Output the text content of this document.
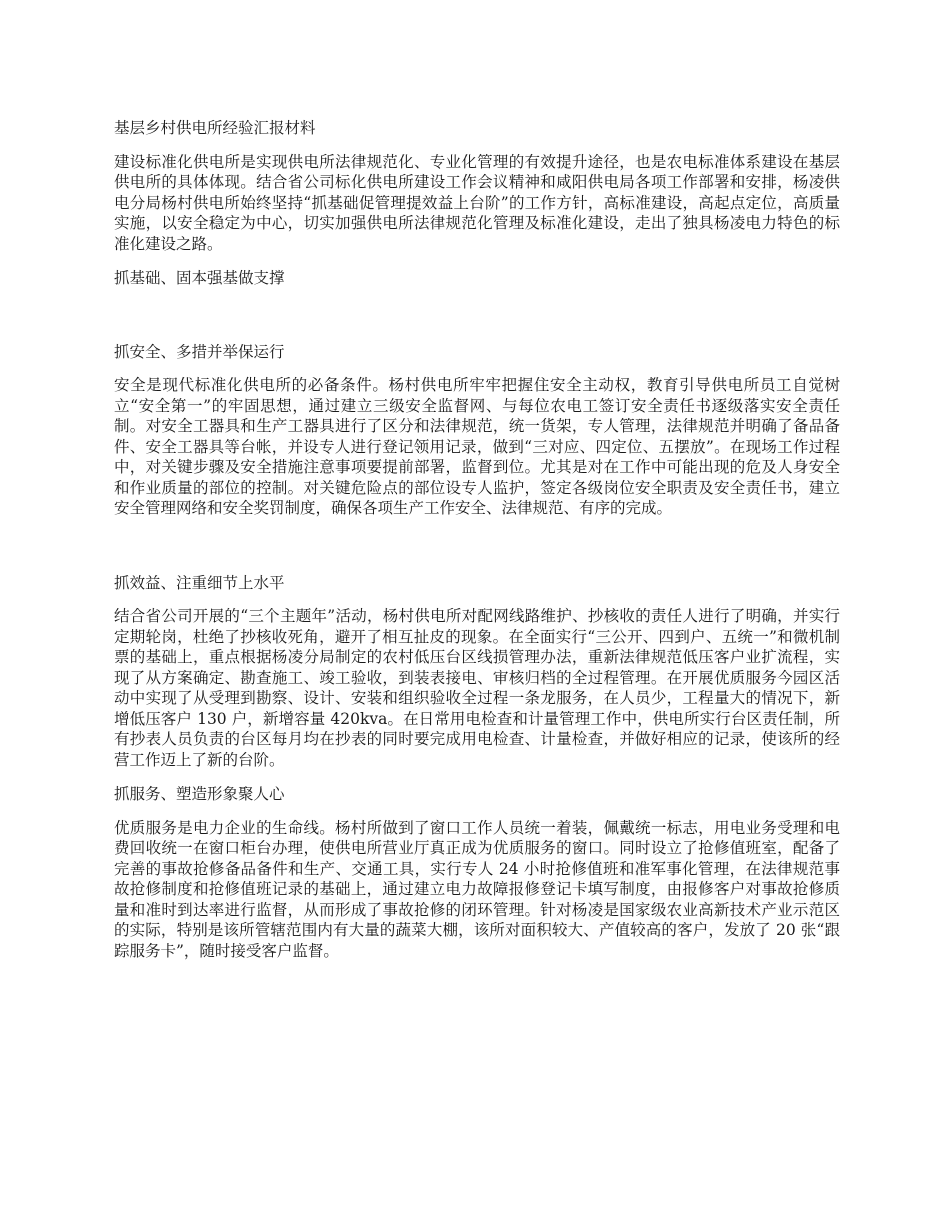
基层乡村供电所经验汇报材料

建设标准化供电所是实现供电所法律规范化、专业化管理的有效提升途径，也是农电标准体系建设在基层供电所的具体体现。结合省公司标化供电所建设工作会议精神和咸阳供电局各项工作部署和安排，杨凌供电分局杨村供电所始终坚持“抓基础促管理提效益上台阶”的工作方针，高标准建设，高起点定位，高质量实施，以安全稳定为中心，切实加强供电所法律规范化管理及标准化建设，走出了独具杨凌电力特色的标准化建设之路。

抓基础、固本强基做支撑

抓安全、多措并举保运行

安全是现代标准化供电所的必备条件。杨村供电所牢牢把握住安全主动权，教育引导供电所员工自觉树立“安全第一”的牢固思想，通过建立三级安全监督网、与每位农电工签订安全责任书逐级落实安全责任制。对安全工器具和生产工器具进行了区分和法律规范，统一货架，专人管理，法律规范并明确了备品备件、安全工器具等台帐，并设专人进行登记领用记录，做到“三对应、四定位、五摆放”。在现场工作过程中，对关键步骤及安全措施注意事项要提前部署，监督到位。尤其是对在工作中可能出现的危及人身安全和作业质量的部位的控制。对关键危险点的部位设专人监护，签定各级岗位安全职责及安全责任书，建立安全管理网络和安全奖罚制度，确保各项生产工作安全、法律规范、有序的完成。

抓效益、注重细节上水平

结合省公司开展的“三个主题年”活动，杨村供电所对配网线路维护、抄核收的责任人进行了明确，并实行定期轮岗，杜绝了抄核收死角，避开了相互扯皮的现象。在全面实行“三公开、四到户、五统一”和微机制票的基础上，重点根据杨凌分局制定的农村低压台区线损管理办法，重新法律规范低压客户业扩流程，实现了从方案确定、勘查施工、竣工验收，到装表接电、审核归档的全过程管理。在开展优质服务今园区活动中实现了从受理到勘察、设计、安装和组织验收全过程一条龙服务，在人员少，工程量大的情况下，新增低压客户 130 户，新增容量 420kva。在日常用电检查和计量管理工作中，供电所实行台区责任制，所有抄表人员负责的台区每月均在抄表的同时要完成用电检查、计量检查，并做好相应的记录，使该所的经营工作迈上了新的台阶。

抓服务、塑造形象聚人心

优质服务是电力企业的生命线。杨村所做到了窗口工作人员统一着装，佩戴统一标志，用电业务受理和电费回收统一在窗口柜台办理，使供电所营业厅真正成为优质服务的窗口。同时设立了抢修值班室，配备了完善的事故抢修备品备件和生产、交通工具，实行专人 24 小时抢修值班和准军事化管理，在法律规范事故抢修制度和抢修值班记录的基础上，通过建立电力故障报修登记卡填写制度，由报修客户对事故抢修质量和准时到达率进行监督，从而形成了事故抢修的闭环管理。针对杨凌是国家级农业高新技术产业示范区的实际，特别是该所管辖范围内有大量的蔬菜大棚，该所对面积较大、产值较高的客户，发放了 20 张“跟踪服务卡”，随时接受客户监督。
